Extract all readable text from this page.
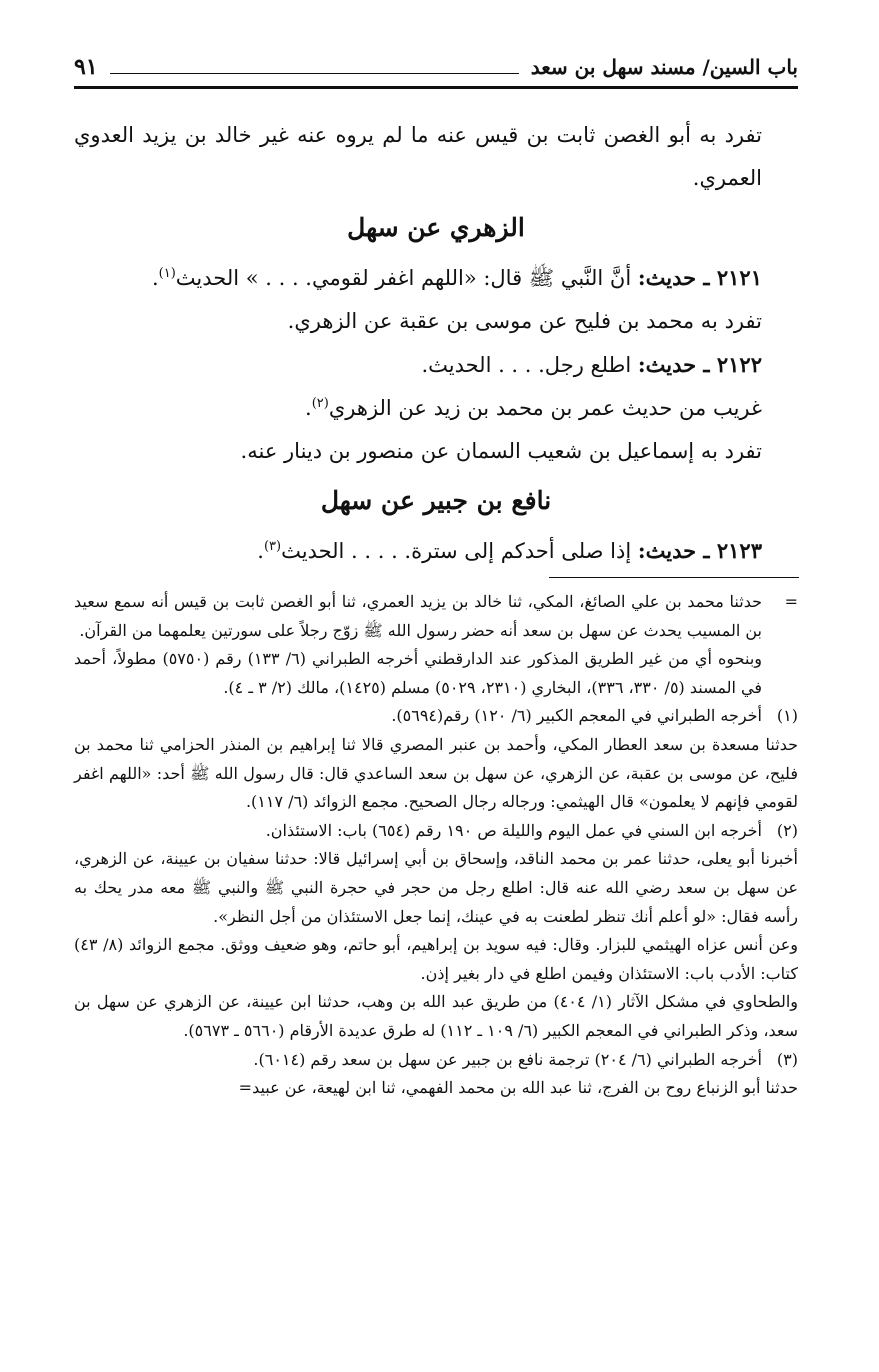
باب السين/ مسند سهل بن سعد
٩١

تفرد به أبو الغصن ثابت بن قيس عنه ما لم يروه عنه غير خالد بن يزيد العدوي العمري.

الزهري عن سهل

٢١٢١ ـ حديث: أنَّ النَّبي ﷺ قال: «اللهم اغفر لقومي. . . . » الحديث$^{(١)}$.

تفرد به محمد بن فليح عن موسى بن عقبة عن الزهري.

٢١٢٢ ـ حديث: اطلع رجل. . . . الحديث.

غريب من حديث عمر بن محمد بن زيد عن الزهري$^{(٢)}$.

تفرد به إسماعيل بن شعيب السمان عن منصور بن دينار عنه.

نافع بن جبير عن سهل

٢١٢٣ ـ حديث: إذا صلى أحدكم إلى سترة. . . . . الحديث$^{(٣)}$.

=

حدثنا محمد بن علي الصائغ، المكي، ثنا خالد بن يزيد العمري، ثنا أبو الغصن ثابت بن قيس أنه سمع سعيد بن المسيب يحدث عن سهل بن سعد أنه حضر رسول الله ﷺ زوّج رجلاً على سورتين يعلمهما من القرآن.

وبنحوه أي من غير الطريق المذكور عند الدارقطني أخرجه الطبراني (٦/ ١٣٣) رقم (٥٧٥٠) مطولاً، أحمد في المسند (٥/ ٣٣٠، ٣٣٦)، البخاري (٢٣١٠، ٥٠٢٩) مسلم (١٤٢٥)، مالك (٢/ ٣ ـ ٤).

(١)

أخرجه الطبراني في المعجم الكبير (٦/ ١٢٠) رقم(٥٦٩٤).

حدثنا مسعدة بن سعد العطار المكي، وأحمد بن عنبر المصري قالا ثنا إبراهيم بن المنذر الحزامي ثنا محمد بن فليح، عن موسى بن عقبة، عن الزهري، عن سهل بن سعد الساعدي قال: قال رسول الله ﷺ أحد: «اللهم اغفر لقومي فإنهم لا يعلمون» قال الهيثمي: ورجاله رجال الصحيح. مجمع الزوائد (٦/ ١١٧).

(٢)

أخرجه ابن السني في عمل اليوم والليلة ص ١٩٠ رقم (٦٥٤) باب: الاستئذان.

أخبرنا أبو يعلى، حدثنا عمر بن محمد الناقد، وإسحاق بن أبي إسرائيل قالا: حدثنا سفيان بن عيينة، عن الزهري، عن سهل بن سعد رضي الله عنه قال: اطلع رجل من حجر في حجرة النبي ﷺ والنبي ﷺ معه مدر يحك به رأسه فقال: «لو أعلم أنك تنظر لطعنت به في عينك، إنما جعل الاستئذان من أجل النظر».

وعن أنس عزاه الهيثمي للبزار. وقال: فيه سويد بن إبراهيم، أبو حاتم، وهو ضعيف ووثق. مجمع الزوائد (٨/ ٤٣) كتاب: الأدب باب: الاستئذان وفيمن اطلع في دار بغير إذن.

والطحاوي في مشكل الآثار (١/ ٤٠٤) من طريق عبد الله بن وهب، حدثنا ابن عيينة، عن الزهري عن سهل بن سعد، وذكر الطبراني في المعجم الكبير (٦/ ١٠٩ ـ ١١٢) له طرق عديدة الأرقام (٥٦٦٠ ـ ٥٦٧٣).

(٣)

أخرجه الطبراني (٦/ ٢٠٤) ترجمة نافع بن جبير عن سهل بن سعد رقم (٦٠١٤).

حدثنا أبو الزنباع روح بن الفرج، ثنا عبد الله بن محمد الفهمي، ثنا ابن لهيعة، عن عبيد=
